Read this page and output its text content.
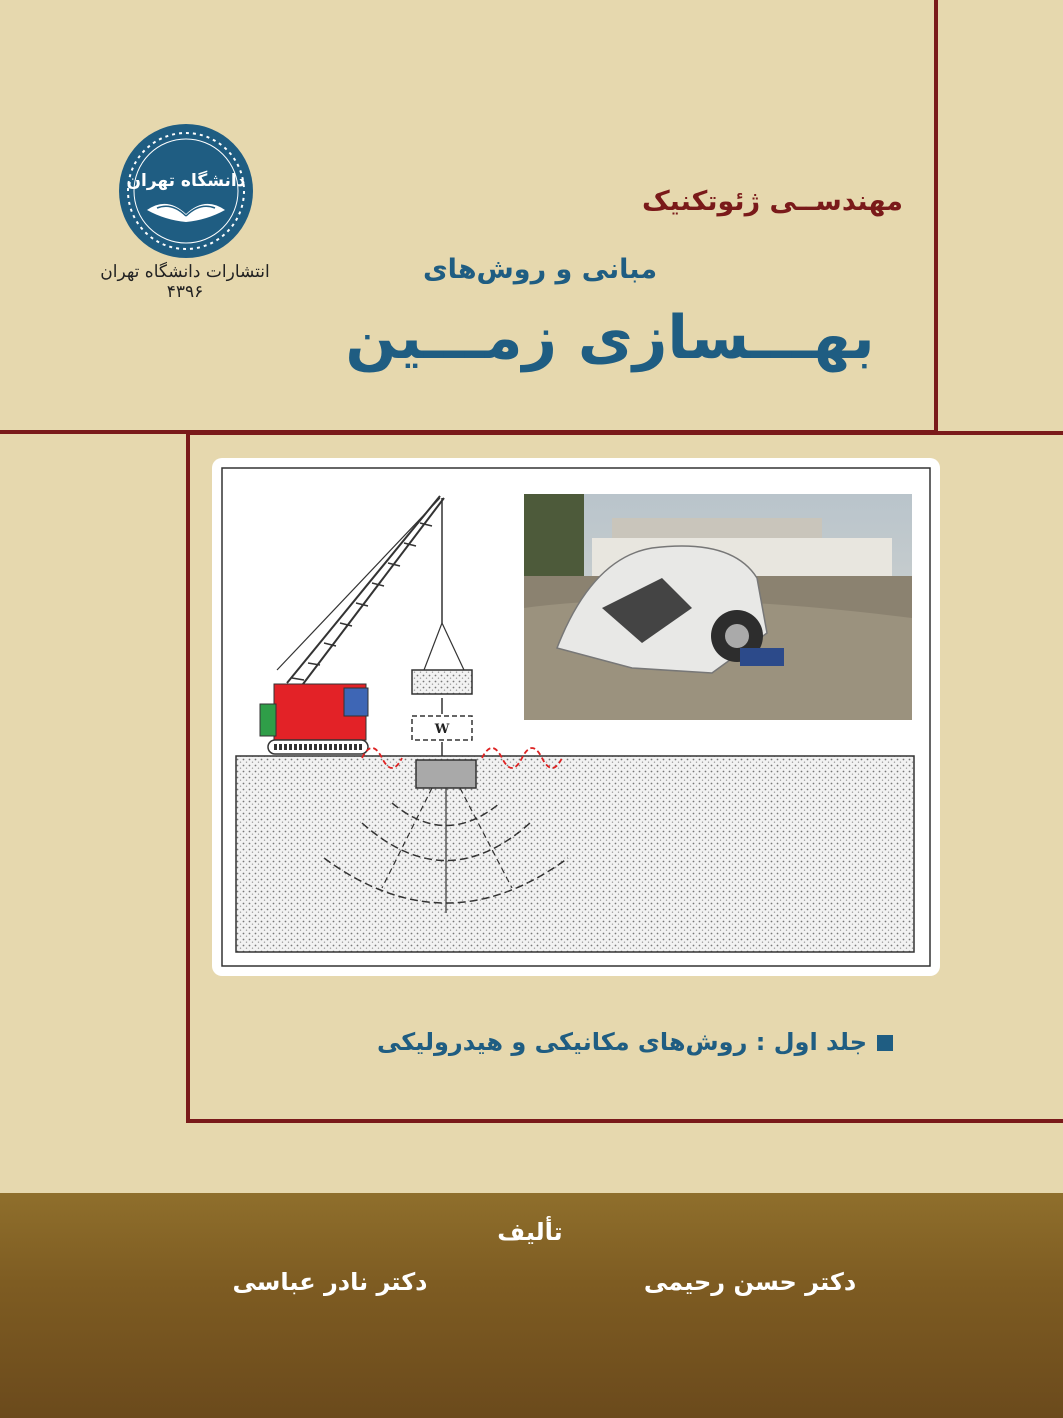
دانشگاه تهران
انتشارات دانشگاه تهران
۴۳۹۶
مهندســی ژئوتکنیک
مبانی و روش‌های
بهـــسازی زمـــین
W
جلد اول : روش‌های مکانیکی و هیدرولیکی
تألیف
دکتر حسن رحیمی
دکتر نادر عباسی
